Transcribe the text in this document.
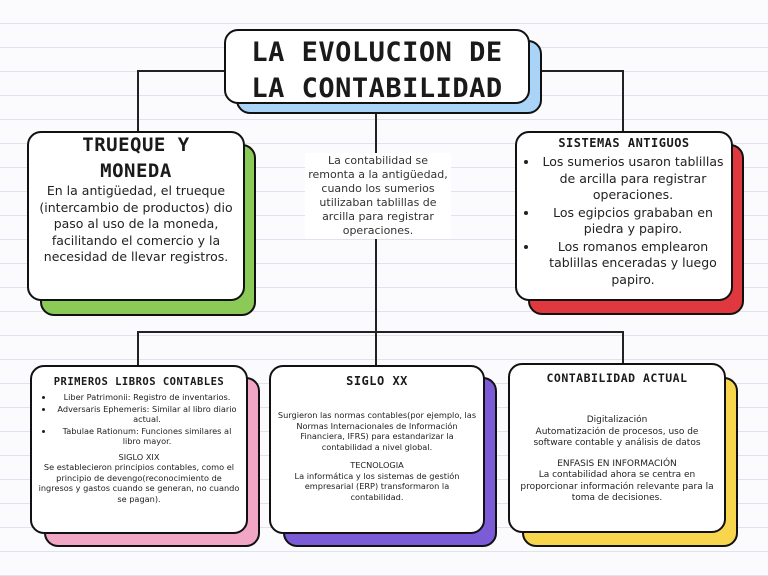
LA EVOLUCION DE
LA CONTABILIDAD
La contabilidad se remonta a la antigüedad, cuando los sumerios utilizaban tablillas de arcilla para registrar operaciones.
TRUEQUE Y MONEDA
En la antigüedad, el trueque (intercambio de productos) dio paso al uso de la moneda, facilitando el comercio y la necesidad de llevar registros.
SISTEMAS ANTIGUOS
• Los sumerios usaron tablillas de arcilla para registrar operaciones.
• Los egipcios grababan en piedra y papiro.
• Los romanos emplearon tablillas enceradas y luego papiro.
PRIMEROS LIBROS CONTABLES
• Liber Patrimonii: Registro de inventarios.
• Adversaris Ephemeris: Similar al libro diario actual.
• Tabulae Rationum: Funciones similares al libro mayor.
SIGLO XIX
Se establecieron principios contables, como el principio de devengo(reconocimiento de ingresos y gastos cuando se generan, no cuando se pagan).
SIGLO XX
Surgieron las normas contables(por ejemplo, las Normas Internacionales de Información Financiera, IFRS) para estandarizar la contabilidad a nivel global.
TECNOLOGIA
La informática y los sistemas de gestión empresarial (ERP) transformaron la contabilidad.
CONTABILIDAD ACTUAL
Digitalización
Automatización de procesos, uso de software contable y análisis de datos
ENFASIS EN INFORMACIÓN
La contabilidad ahora se centra en proporcionar información relevante para la toma de decisiones.
